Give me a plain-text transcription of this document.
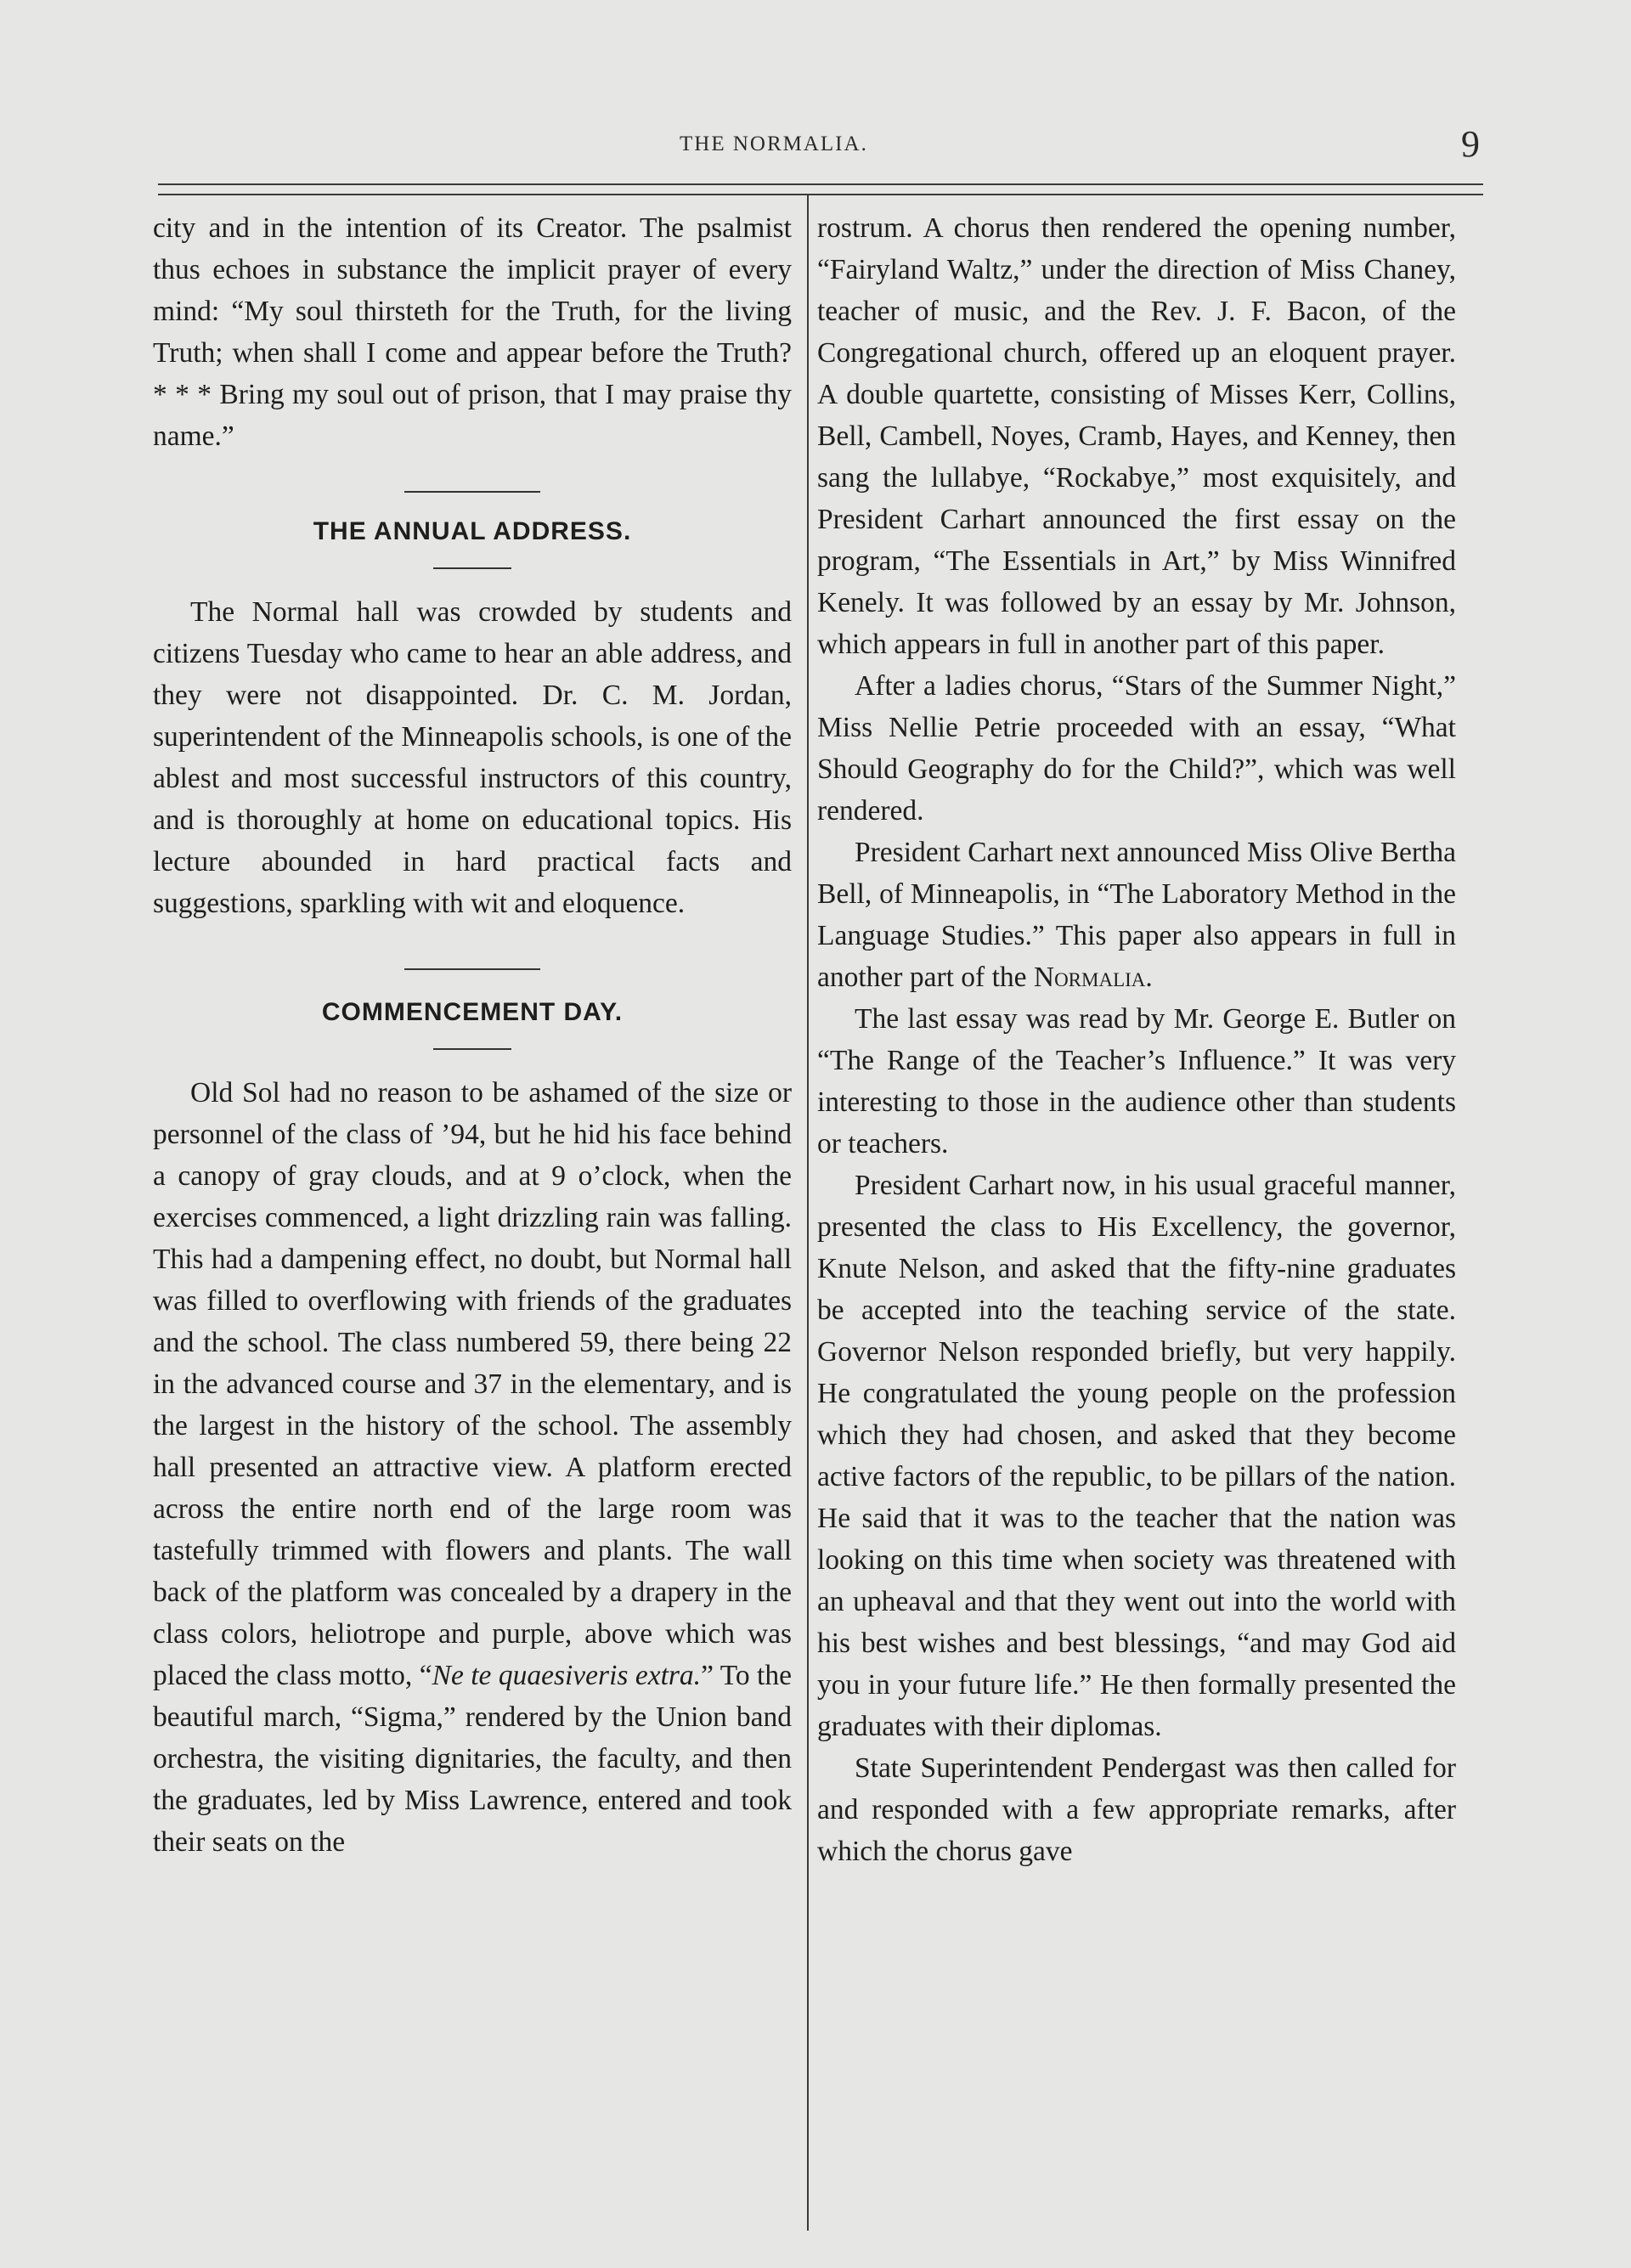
THE NORMALIA.	9

city and in the intention of its Creator. The psalmist thus echoes in substance the implicit prayer of every mind: “My soul thirsteth for the Truth, for the living Truth; when shall I come and appear before the Truth? * * * Bring my soul out of prison, that I may praise thy name.”

THE ANNUAL ADDRESS.

The Normal hall was crowded by students and citizens Tuesday who came to hear an able address, and they were not disappointed. Dr. C. M. Jordan, superintendent of the Minneapolis schools, is one of the ablest and most successful instructors of this country, and is thoroughly at home on educational topics. His lecture abounded in hard practical facts and suggestions, sparkling with wit and eloquence.

COMMENCEMENT DAY.

Old Sol had no reason to be ashamed of the size or personnel of the class of ’94, but he hid his face behind a canopy of gray clouds, and at 9 o’clock, when the exercises commenced, a light drizzling rain was falling. This had a dampening effect, no doubt, but Normal hall was filled to overflowing with friends of the graduates and the school. The class numbered 59, there being 22 in the advanced course and 37 in the elementary, and is the largest in the history of the school. The assembly hall presented an attractive view. A platform erected across the entire north end of the large room was tastefully trimmed with flowers and plants. The wall back of the platform was concealed by a drapery in the class colors, heliotrope and purple, above which was placed the class motto, “Ne te quaesiveris extra.” To the beautiful march, “Sigma,” rendered by the Union band orchestra, the visiting dignitaries, the faculty, and then the graduates, led by Miss Lawrence, entered and took their seats on the

rostrum. A chorus then rendered the opening number, “Fairyland Waltz,” under the direction of Miss Chaney, teacher of music, and the Rev. J. F. Bacon, of the Congregational church, offered up an eloquent prayer. A double quartette, consisting of Misses Kerr, Collins, Bell, Cambell, Noyes, Cramb, Hayes, and Kenney, then sang the lullabye, “Rockabye,” most exquisitely, and President Carhart announced the first essay on the program, “The Essentials in Art,” by Miss Winnifred Kenely. It was followed by an essay by Mr. Johnson, which appears in full in another part of this paper.

After a ladies chorus, “Stars of the Summer Night,” Miss Nellie Petrie proceeded with an essay, “What Should Geography do for the Child?”, which was well rendered.

President Carhart next announced Miss Olive Bertha Bell, of Minneapolis, in “The Laboratory Method in the Language Studies.” This paper also appears in full in another part of the Normalia.

The last essay was read by Mr. George E. Butler on “The Range of the Teacher’s Influence.” It was very interesting to those in the audience other than students or teachers.

President Carhart now, in his usual graceful manner, presented the class to His Excellency, the governor, Knute Nelson, and asked that the fifty-nine graduates be accepted into the teaching service of the state. Governor Nelson responded briefly, but very happily. He congratulated the young people on the profession which they had chosen, and asked that they become active factors of the republic, to be pillars of the nation. He said that it was to the teacher that the nation was looking on this time when society was threatened with an upheaval and that they went out into the world with his best wishes and best blessings, “and may God aid you in your future life.” He then formally presented the graduates with their diplomas.

State Superintendent Pendergast was then called for and responded with a few appropriate remarks, after which the chorus gave
